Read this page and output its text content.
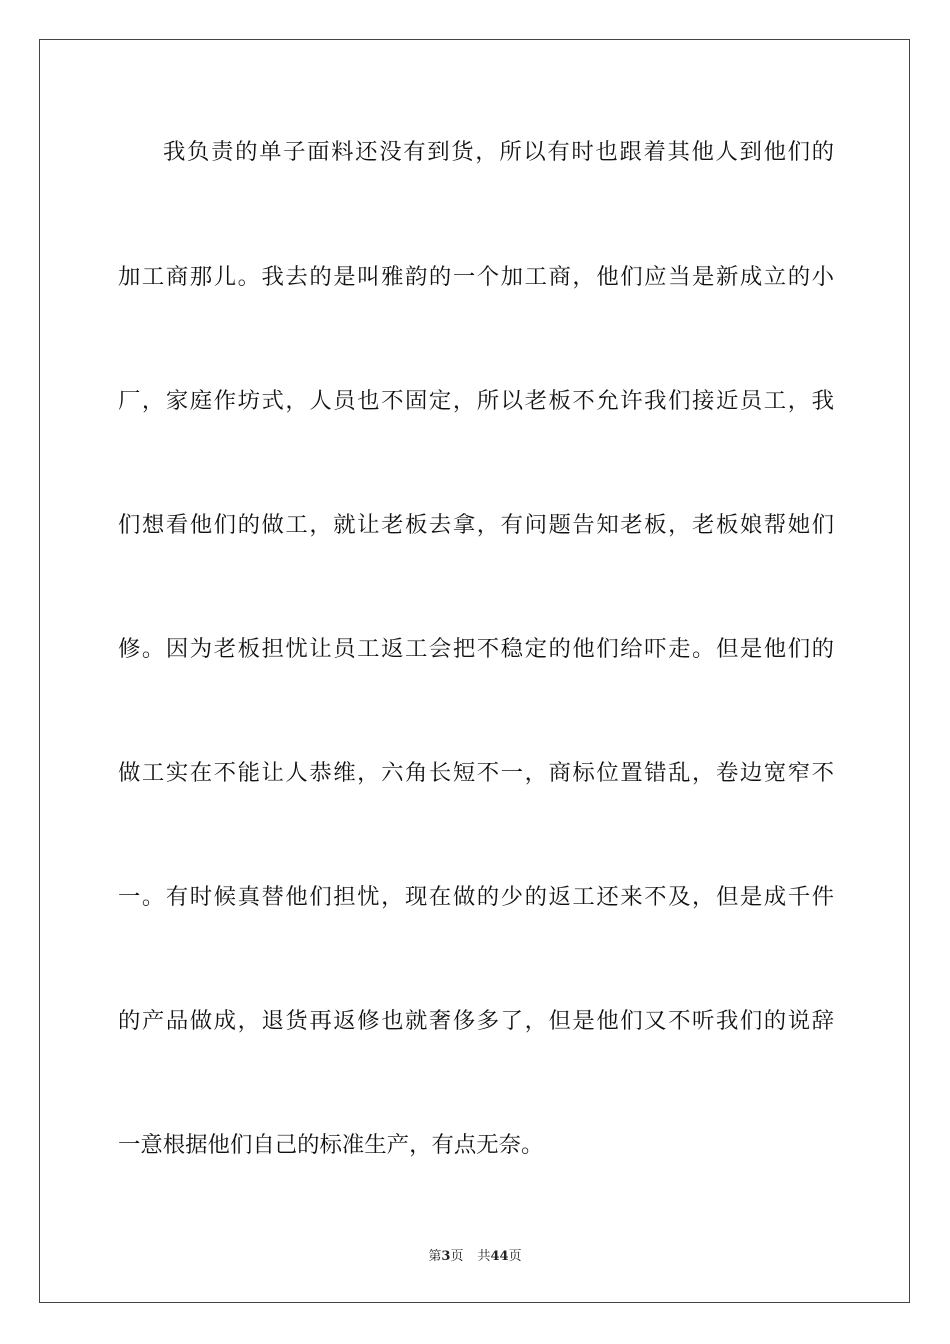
我负责的单子面料还没有到货，所以有时也跟着其他人到他们的
加工商那儿。我去的是叫雅韵的一个加工商，他们应当是新成立的小
厂，家庭作坊式，人员也不固定，所以老板不允许我们接近员工，我
们想看他们的做工，就让老板去拿，有问题告知老板，老板娘帮她们
修。因为老板担忧让员工返工会把不稳定的他们给吓走。但是他们的
做工实在不能让人恭维，六角长短不一，商标位置错乱，卷边宽窄不
一。有时候真替他们担忧，现在做的少的返工还来不及，但是成千件
的产品做成，退货再返修也就奢侈多了，但是他们又不听我们的说辞
一意根据他们自己的标准生产，有点无奈。
第3页 共44页
